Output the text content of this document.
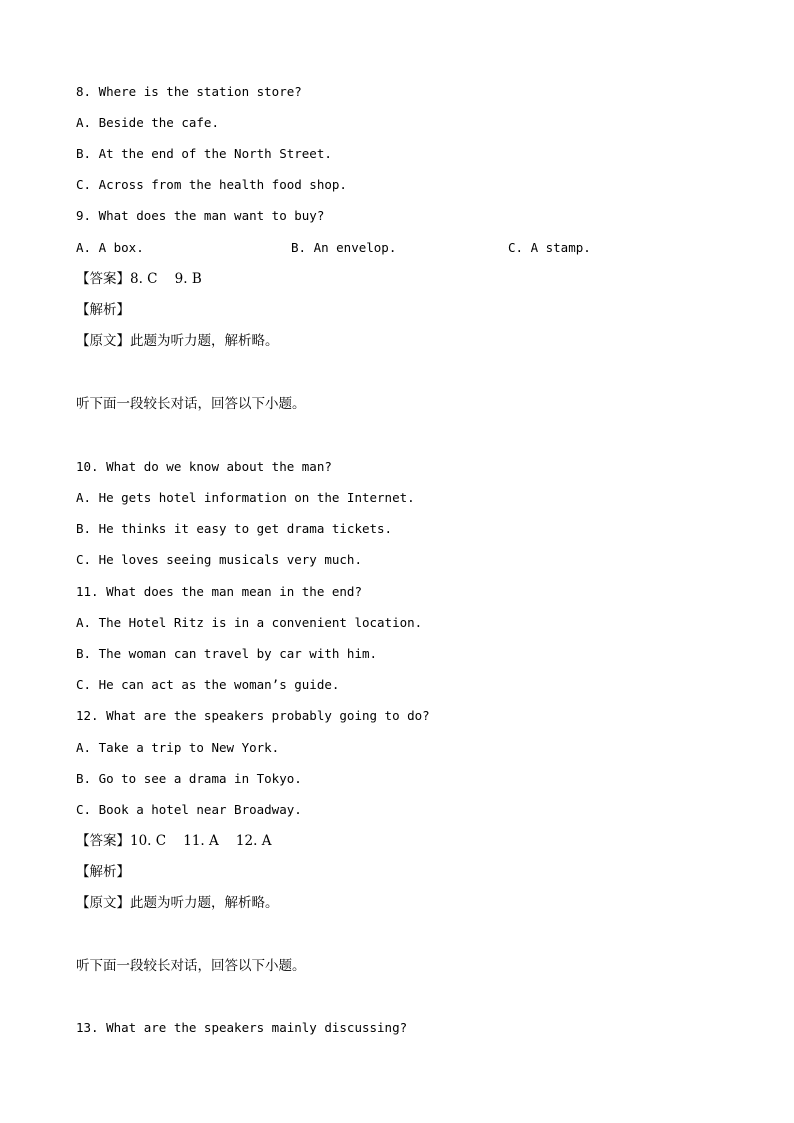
8. Where is the station store?
A. Beside the cafe.
B. At the end of the North Street.
C. Across from the health food shop.
9. What does the man want to buy?
A. A box.	B. An envelop.	C. A stamp.
【答案】8. C    9. B
【解析】
【原文】此题为听力题，解析略。
听下面一段较长对话，回答以下小题。
10. What do we know about the man?
A. He gets hotel information on the Internet.
B. He thinks it easy to get drama tickets.
C. He loves seeing musicals very much.
11. What does the man mean in the end?
A. The Hotel Ritz is in a convenient location.
B. The woman can travel by car with him.
C. He can act as the woman’s guide.
12. What are the speakers probably going to do?
A. Take a trip to New York.
B. Go to see a drama in Tokyo.
C. Book a hotel near Broadway.
【答案】10. C    11. A    12. A
【解析】
【原文】此题为听力题，解析略。
听下面一段较长对话，回答以下小题。
13. What are the speakers mainly discussing?
